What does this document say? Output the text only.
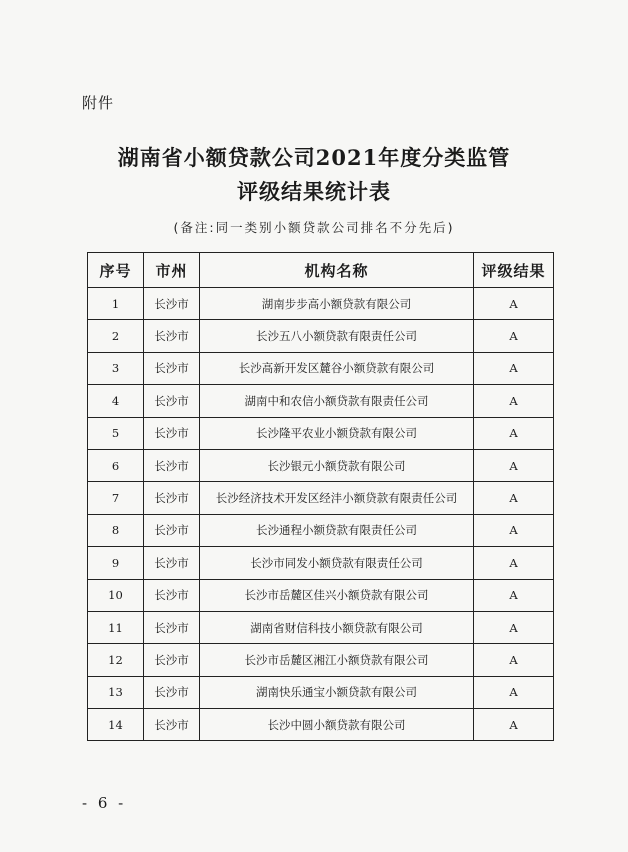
附件
湖南省小额贷款公司2021年度分类监管
评级结果统计表
(备注:同一类别小额贷款公司排名不分先后)
序号	市州	机构名称	评级结果
1	长沙市	湖南步步高小额贷款有限公司	A
2	长沙市	长沙五八小额贷款有限责任公司	A
3	长沙市	长沙高新开发区麓谷小额贷款有限公司	A
4	长沙市	湖南中和农信小额贷款有限责任公司	A
5	长沙市	长沙隆平农业小额贷款有限公司	A
6	长沙市	长沙银元小额贷款有限公司	A
7	长沙市	长沙经济技术开发区经沣小额贷款有限责任公司	A
8	长沙市	长沙通程小额贷款有限责任公司	A
9	长沙市	长沙市同发小额贷款有限责任公司	A
10	长沙市	长沙市岳麓区佳兴小额贷款有限公司	A
11	长沙市	湖南省财信科技小额贷款有限公司	A
12	长沙市	长沙市岳麓区湘江小额贷款有限公司	A
13	长沙市	湖南快乐通宝小额贷款有限公司	A
14	长沙市	长沙中圆小额贷款有限公司	A
- 6 -
